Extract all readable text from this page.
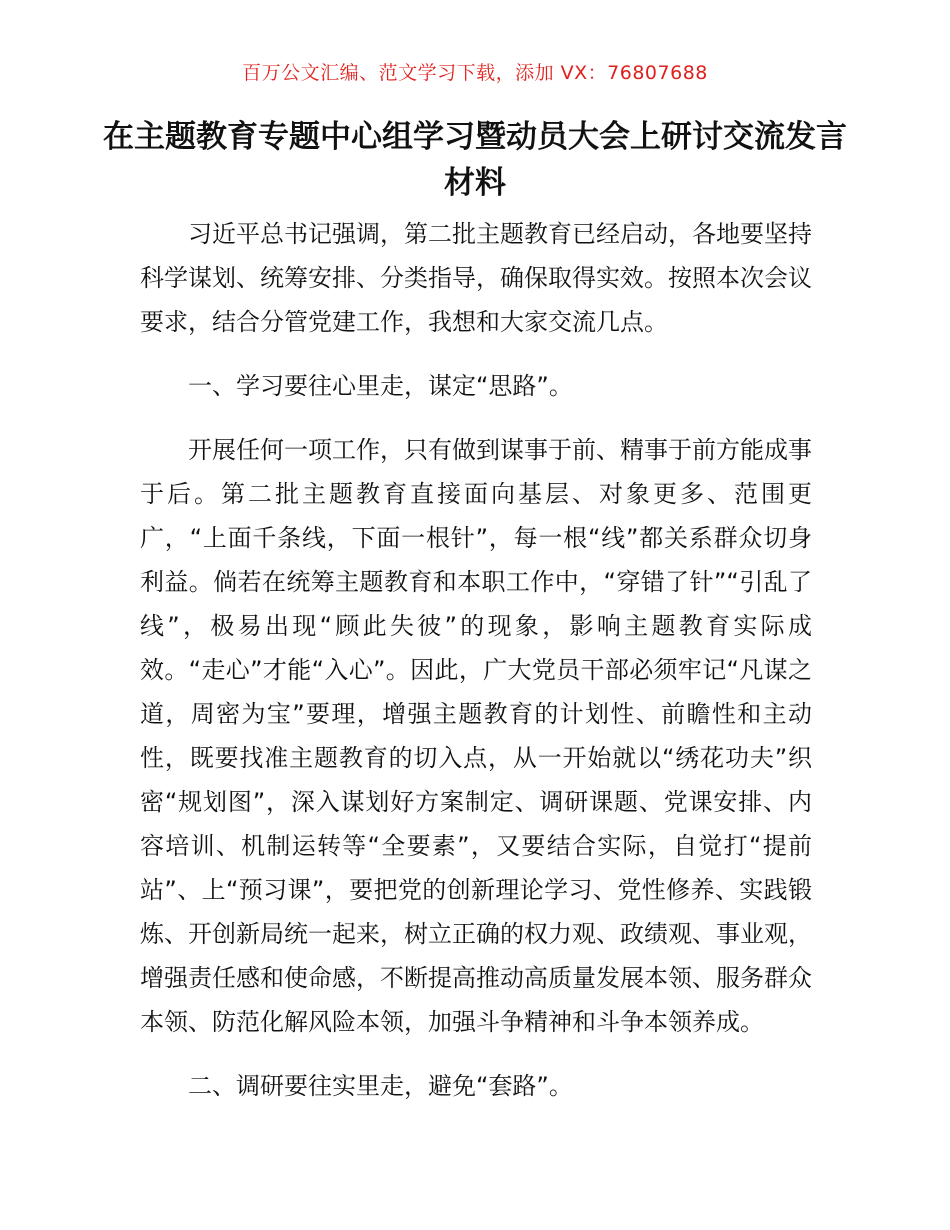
百万公文汇编、范文学习下载，添加 VX：76807688
在主题教育专题中心组学习暨动员大会上研讨交流发言材料

习近平总书记强调，第二批主题教育已经启动，各地要坚持科学谋划、统筹安排、分类指导，确保取得实效。按照本次会议要求，结合分管党建工作，我想和大家交流几点。

一、学习要往心里走，谋定“思路”。

开展任何一项工作，只有做到谋事于前、精事于前方能成事于后。第二批主题教育直接面向基层、对象更多、范围更广，“上面千条线，下面一根针”，每一根“线”都关系群众切身利益。倘若在统筹主题教育和本职工作中，“穿错了针”“引乱了线”，极易出现“顾此失彼”的现象，影响主题教育实际成效。“走心”才能“入心”。因此，广大党员干部必须牢记“凡谋之道，周密为宝”要理，增强主题教育的计划性、前瞻性和主动性，既要找准主题教育的切入点，从一开始就以“绣花功夫”织密“规划图”，深入谋划好方案制定、调研课题、党课安排、内容培训、机制运转等“全要素”，又要结合实际，自觉打“提前站”、上“预习课”，要把党的创新理论学习、党性修养、实践锻炼、开创新局统一起来，树立正确的权力观、政绩观、事业观，增强责任感和使命感，不断提高推动高质量发展本领、服务群众本领、防范化解风险本领，加强斗争精神和斗争本领养成。

二、调研要往实里走，避免“套路”。
